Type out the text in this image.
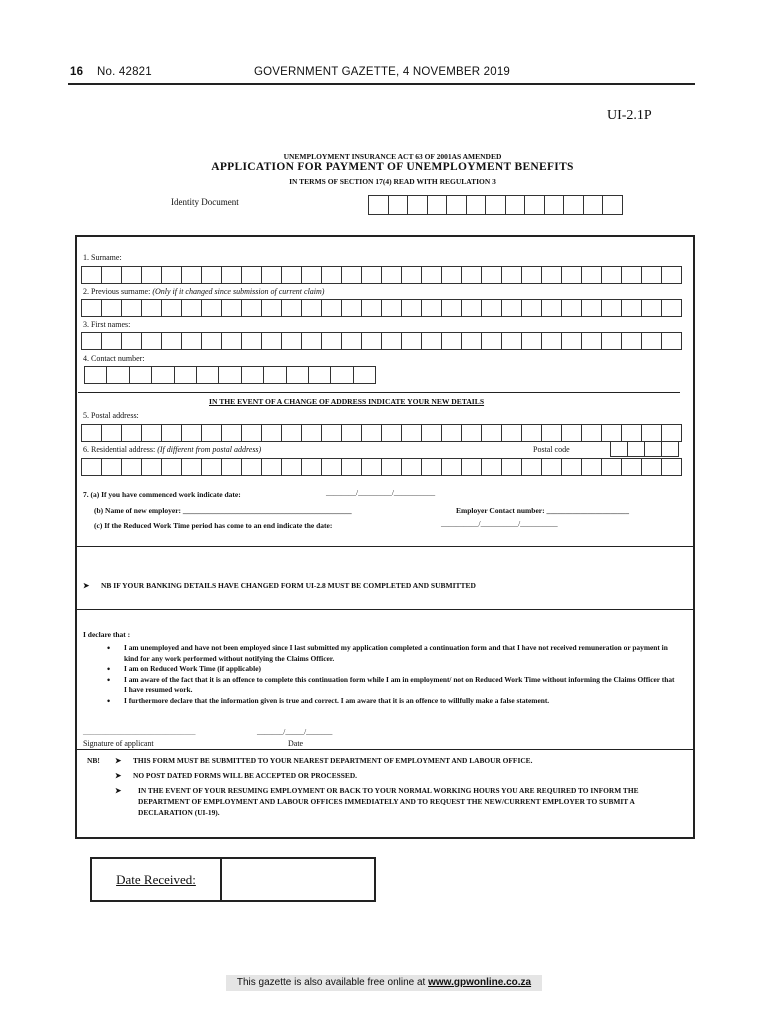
16 No. 42821	GOVERNMENT GAZETTE, 4 NOVEMBER 2019
UI-2.1P
UNEMPLOYMENT INSURANCE ACT 63 OF 2001AS AMENDED
APPLICATION FOR PAYMENT OF UNEMPLOYMENT BENEFITS
IN TERMS OF SECTION 17(4) READ WITH REGULATION 3
Identity Document
1. Surname:
2. Previous surname: (Only if it changed since submission of current claim)
3. First names:
4. Contact number:
IN THE EVENT OF A CHANGE OF ADDRESS INDICATE YOUR NEW DETAILS
5. Postal address:
6. Residential address: (If different from postal address)	Postal code
7. (a) If you have commenced work indicate date:	________/_________/___________
(b) Name of new employer: _____________________________________________	Employer Contact number: ______________________
(c) If the Reduced Work Time period has come to an end indicate the date:	__________/__________/__________
➤ NB IF YOUR BANKING DETAILS HAVE CHANGED FORM UI-2.8 MUST BE COMPLETED AND SUBMITTED
I declare that :
• I am unemployed and have not been employed since I last submitted my application completed a continuation form and that I have not received remuneration or payment in kind for any work performed without notifying the Claims Officer.
• I am on Reduced Work Time (if applicable)
• I am aware of the fact that it is an offence to complete this continuation form while I am in employment/ not on Reduced Work Time without informing the Claims Officer that I have resumed work.
• I furthermore declare that the information given is true and correct. I am aware that it is an offence to willfully make a false statement.
______________________________	_______/_____/_______
Signature of applicant	Date
NB! ➤ THIS FORM MUST BE SUBMITTED TO YOUR NEAREST DEPARTMENT OF EMPLOYMENT AND LABOUR OFFICE.
➤ NO POST DATED FORMS WILL BE ACCEPTED OR PROCESSED.
➤	IN THE EVENT OF YOUR RESUMING EMPLOYMENT OR BACK TO YOUR NORMAL WORKING HOURS YOU ARE REQUIRED TO INFORM THE DEPARTMENT OF EMPLOYMENT AND LABOUR OFFICES IMMEDIATELY AND TO REQUEST THE NEW/CURRENT EMPLOYER TO SUBMIT A DECLARATION (UI-19).
Date Received:
This gazette is also available free online at www.gpwonline.co.za
